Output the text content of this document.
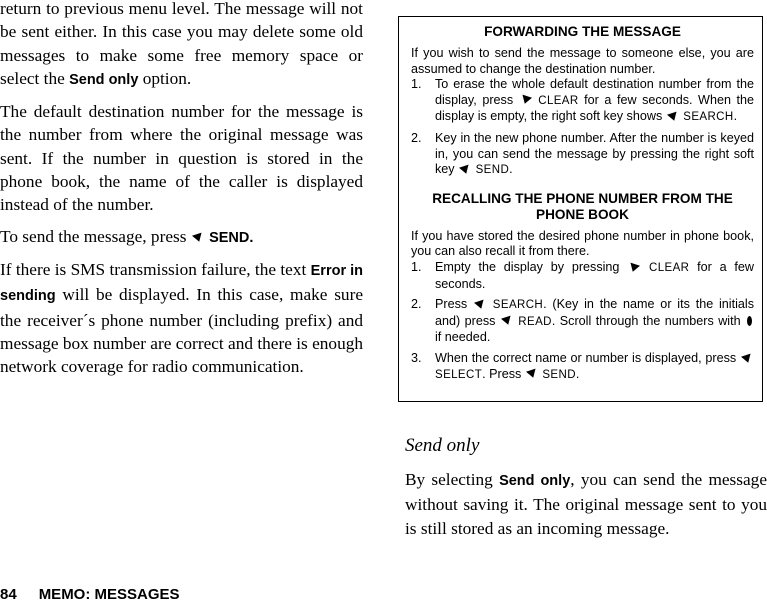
return to previous menu level. The message will not be sent either. In this case you may delete some old messages to make some free memory space or select the Send only option.

The default destination number for the message is the number from where the original message was sent. If the number in question is stored in the phone book, the name of the caller is displayed instead of the number.

To send the message, press  SEND.

If there is SMS transmission failure, the text Error in sending will be displayed. In this case, make sure the receiver´s phone number (including prefix) and message box number are correct and there is enough network coverage for radio communication.

FORWARDING THE MESSAGE

If you wish to send the message to someone else, you are assumed to change the destination number.

1. To erase the whole default destination number from the display, press  CLEAR for a few seconds. When the display is empty, the right soft key shows  SEARCH.
2. Key in the new phone number. After the number is keyed in, you can send the message by pressing the right soft key  SEND.
RECALLING THE PHONE NUMBER FROM THE PHONE BOOK

If you have stored the desired phone number in phone book, you can also recall it from there.

1. Empty the display by pressing  CLEAR for a few seconds.
2. Press  SEARCH. (Key in the name or its the initials and) press  READ. Scroll through the numbers with  if needed.
3. When the correct name or number is displayed, press  SELECT. Press  SEND.
Send only
By selecting Send only, you can send the message without saving it. The original message sent to you is still stored as an incoming message.
84 MEMO: MESSAGES
